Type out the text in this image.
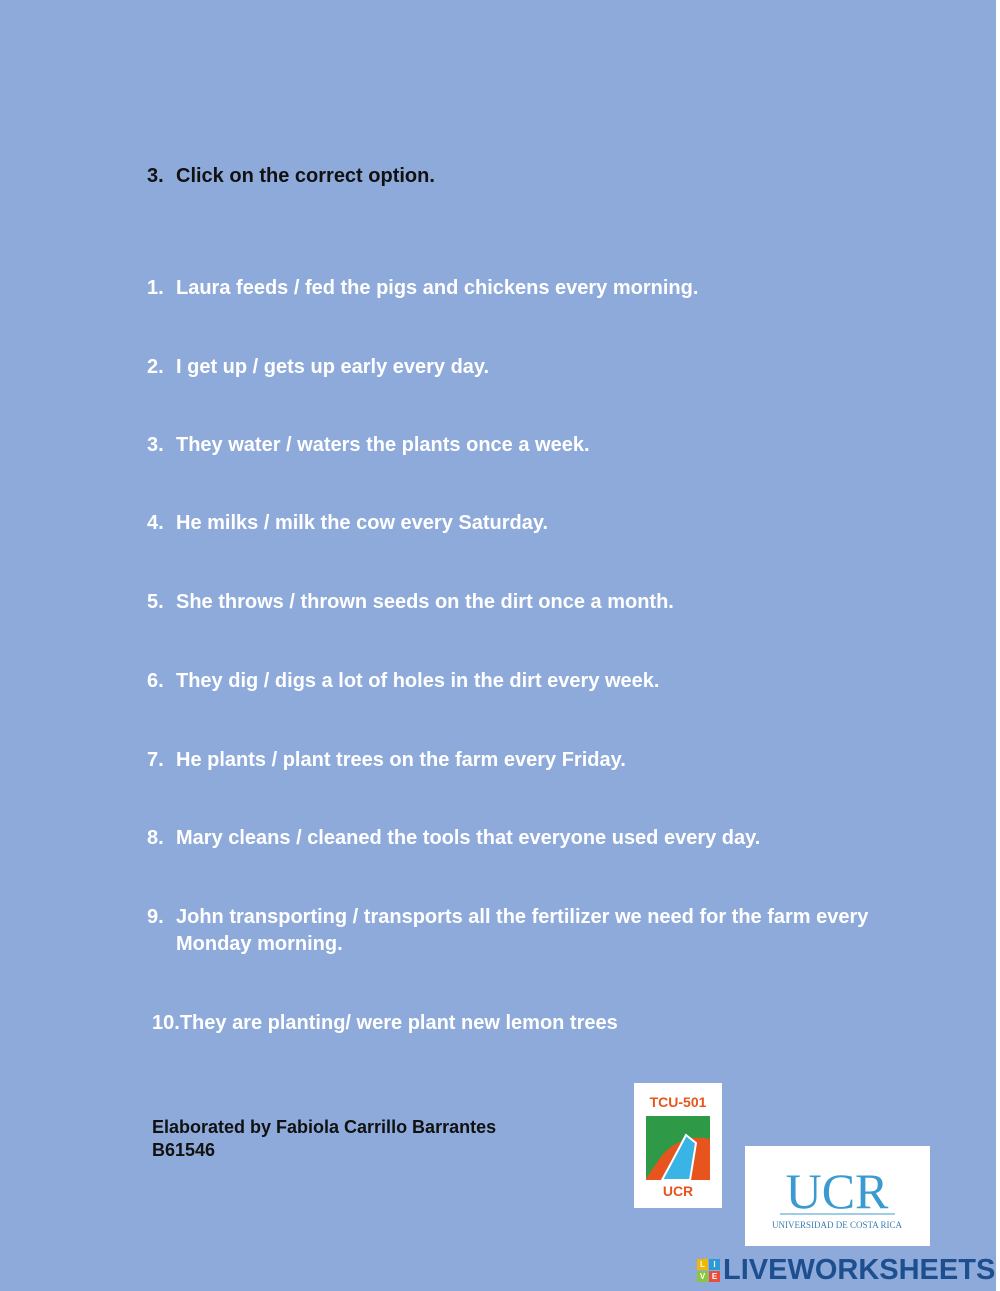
3. Click on the correct option.
1. Laura feeds / fed the pigs and chickens every morning.
2. I get up / gets up early every day.
3. They water / waters the plants once a week.
4. He milks / milk the cow every Saturday.
5. She throws / thrown seeds on the dirt once a month.
6. They dig / digs a lot of holes in the dirt every week.
7. He plants / plant trees on the farm every Friday.
8. Mary cleans / cleaned the tools that everyone used every day.
9. John transporting / transports all the fertilizer we need for the farm every Monday morning.
10.They are planting/ were plant new lemon trees
Elaborated by Fabiola Carrillo Barrantes
B61546
TCU-501
UCR UCR
UNIVERSIDAD DE COSTA RICA
L	I
V E LIVEWORKSHEETS
